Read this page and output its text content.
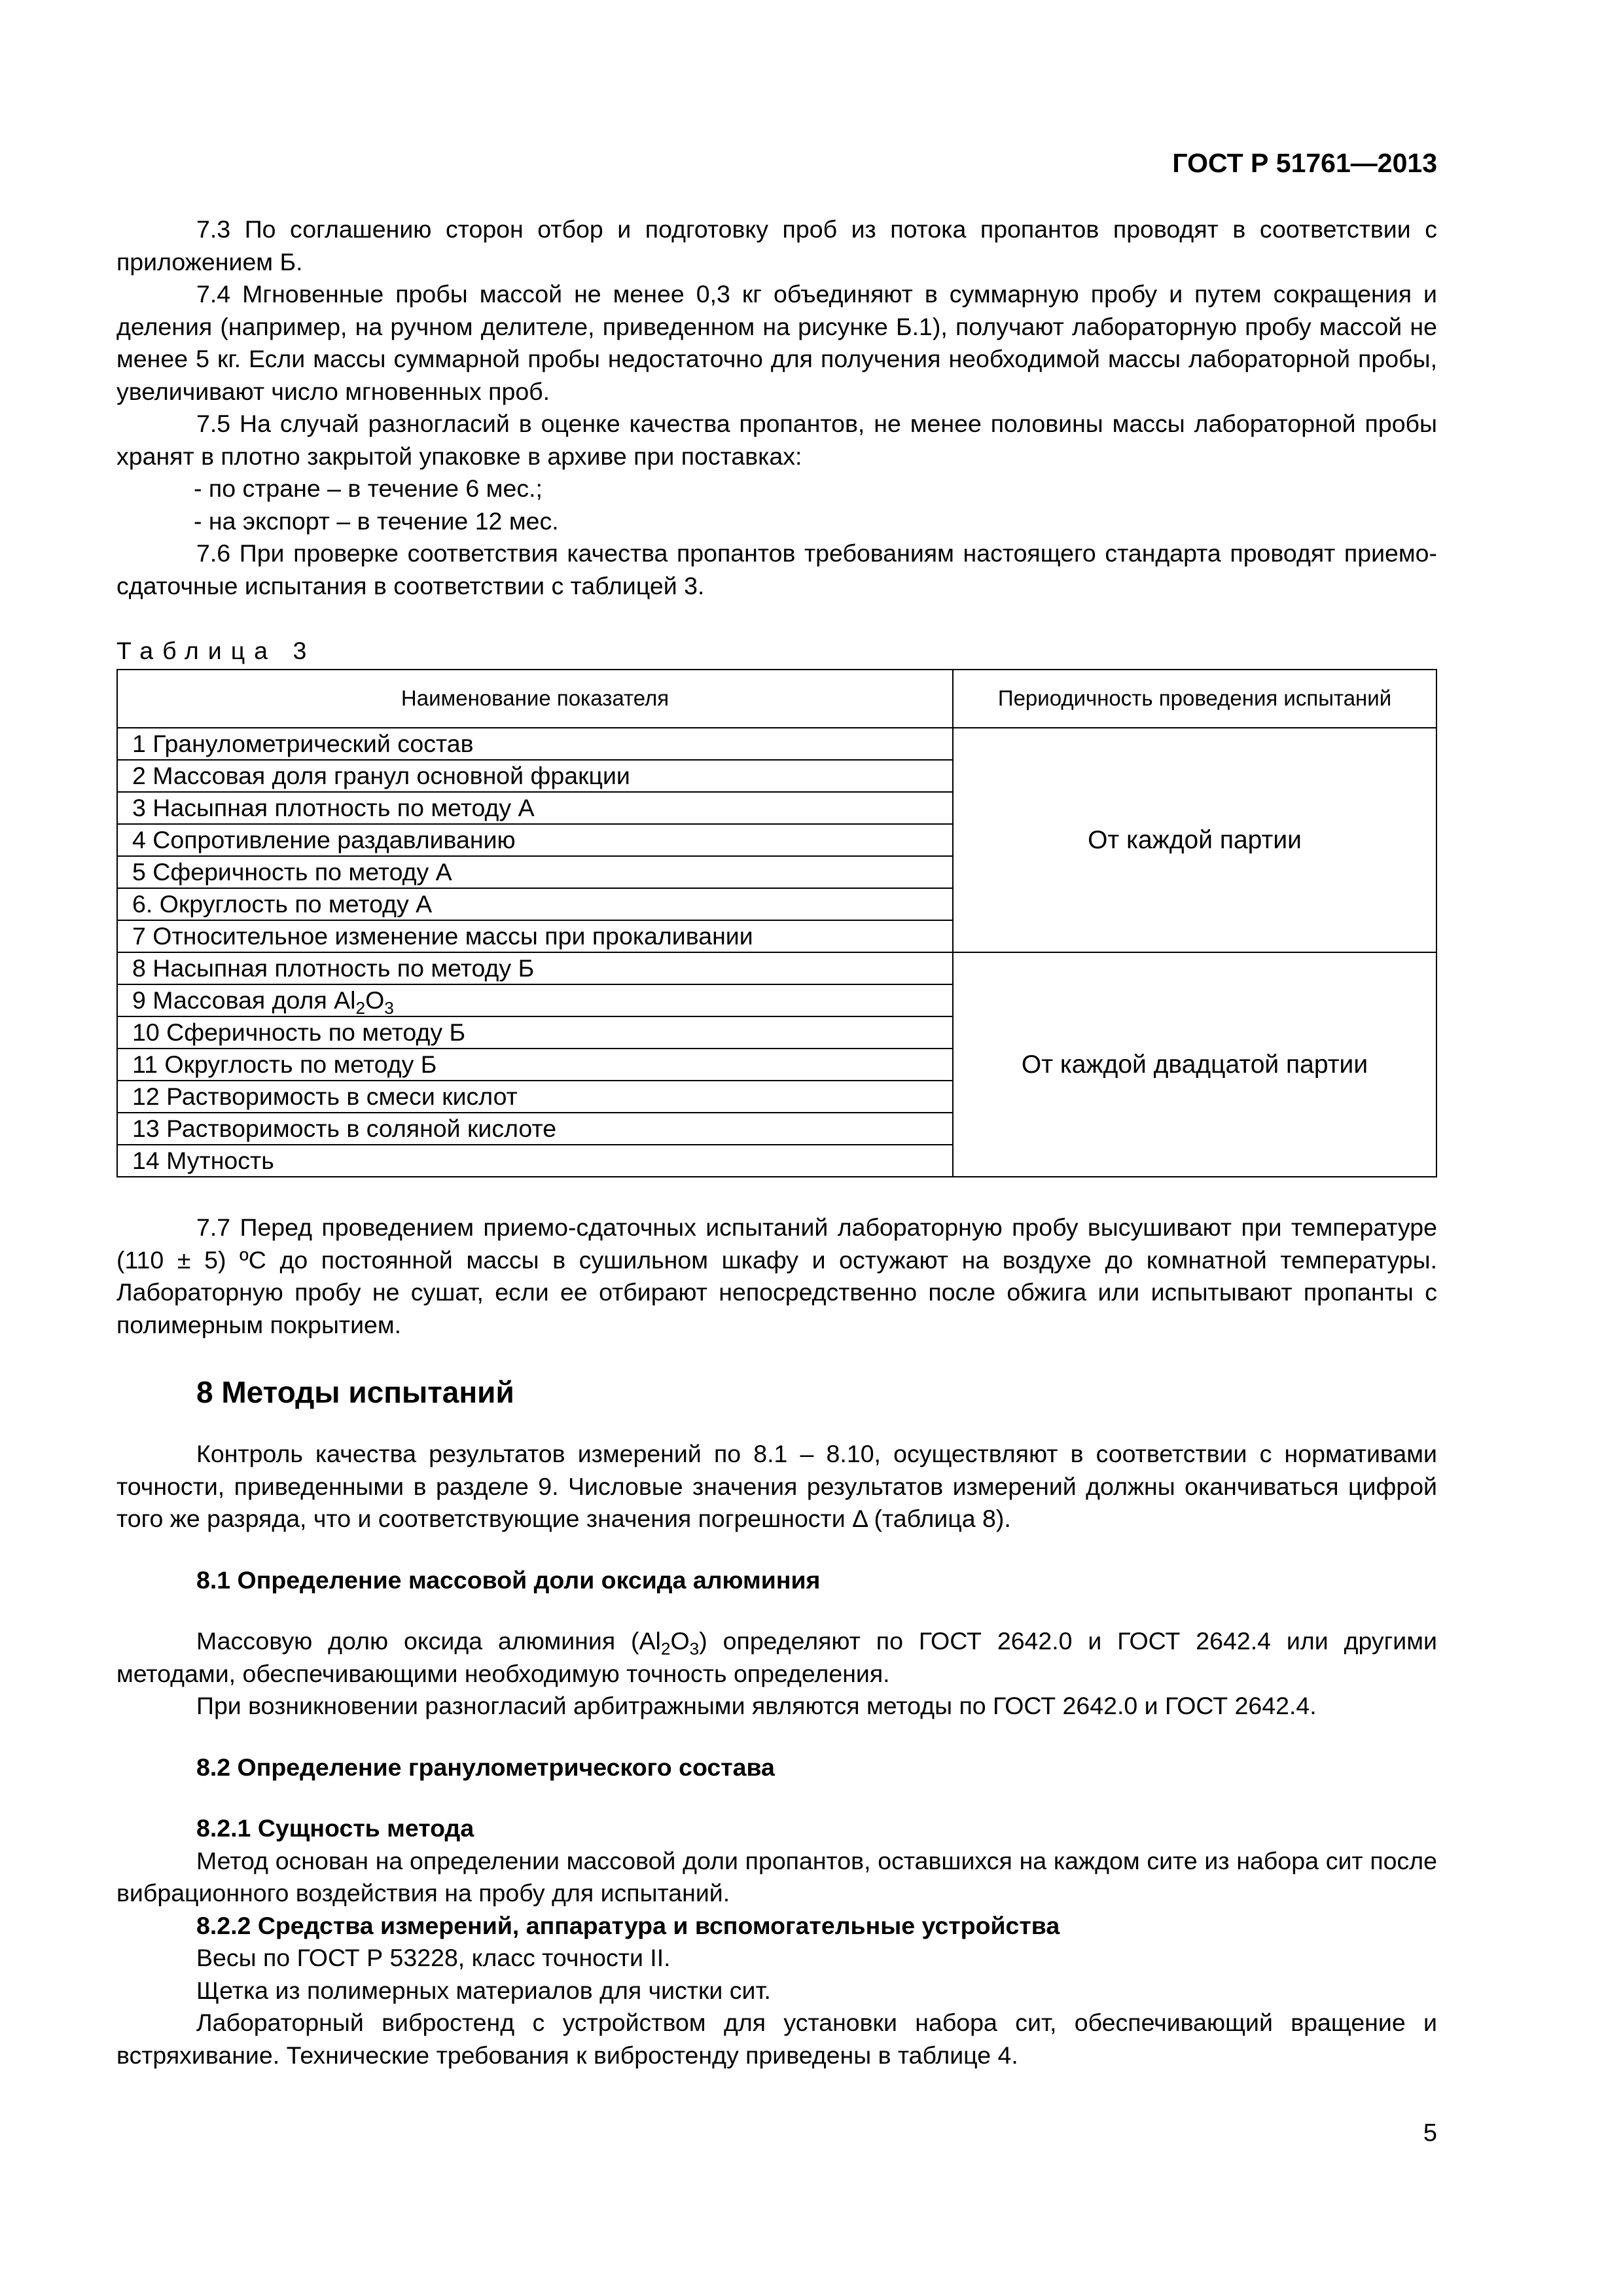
ГОСТ Р 51761—2013

7.3 По соглашению сторон отбор и подготовку проб из потока пропантов проводят в соответствии с приложением Б.

7.4 Мгновенные пробы массой не менее 0,3 кг объединяют в суммарную пробу и путем сокращения и деления (например, на ручном делителе, приведенном на рисунке Б.1), получают лабораторную пробу массой не менее 5 кг. Если массы суммарной пробы недостаточно для получения необходимой массы лабораторной пробы, увеличивают число мгновенных проб.

7.5 На случай разногласий в оценке качества пропантов, не менее половины массы лабораторной пробы хранят в плотно закрытой упаковке в архиве при поставках:

- по стране – в течение 6 мес.;

- на экспорт – в течение 12 мес.

7.6 При проверке соответствия качества пропантов требованиям настоящего стандарта проводят приемо-сдаточные испытания в соответствии с таблицей 3.

Таблица 3

Наименование показателя	Периодичность проведения испытаний
1 Гранулометрический состав	От каждой партии
2 Массовая доля гранул основной фракции	
3 Насыпная плотность по методу А	
4 Сопротивление раздавливанию	
5 Сферичность по методу А	
6. Округлость по методу А	
7 Относительное изменение массы при прокаливании	
8 Насыпная плотность по методу Б	От каждой двадцатой партии
9 Массовая доля $Al_2O_3$
10 Сферичность по методу Б	
11 Округлость по методу Б	
12 Растворимость в смеси кислот	
13 Растворимость в соляной кислоте	
14 Мутность	

7.7 Перед проведением приемо-сдаточных испытаний лабораторную пробу высушивают при температуре (110 ± 5) ºС до постоянной массы в сушильном шкафу и остужают на воздухе до комнатной температуры. Лабораторную пробу не сушат, если ее отбирают непосредственно после обжига или испытывают пропанты с полимерным покрытием.

8 Методы испытаний

Контроль качества результатов измерений по 8.1 – 8.10, осуществляют в соответствии с нормативами точности, приведенными в разделе 9. Числовые значения результатов измерений должны оканчиваться цифрой того же разряда, что и соответствующие значения погрешности Δ (таблица 8).

8.1 Определение массовой доли оксида алюминия

Массовую долю оксида алюминия $(Al_2O_3)$ определяют по ГОСТ 2642.0 и ГОСТ 2642.4 или другими методами, обеспечивающими необходимую точность определения.

При возникновении разногласий арбитражными являются методы по ГОСТ 2642.0 и ГОСТ 2642.4.

8.2 Определение гранулометрического состава

8.2.1 Сущность метода

Метод основан на определении массовой доли пропантов, оставшихся на каждом сите из набора сит после вибрационного воздействия на пробу для испытаний.

8.2.2 Средства измерений, аппаратура и вспомогательные устройства

Весы по ГОСТ Р 53228, класс точности II.

Щетка из полимерных материалов для чистки сит.

Лабораторный вибростенд с устройством для установки набора сит, обеспечивающий вращение и встряхивание. Технические требования к вибростенду приведены в таблице 4.

5
